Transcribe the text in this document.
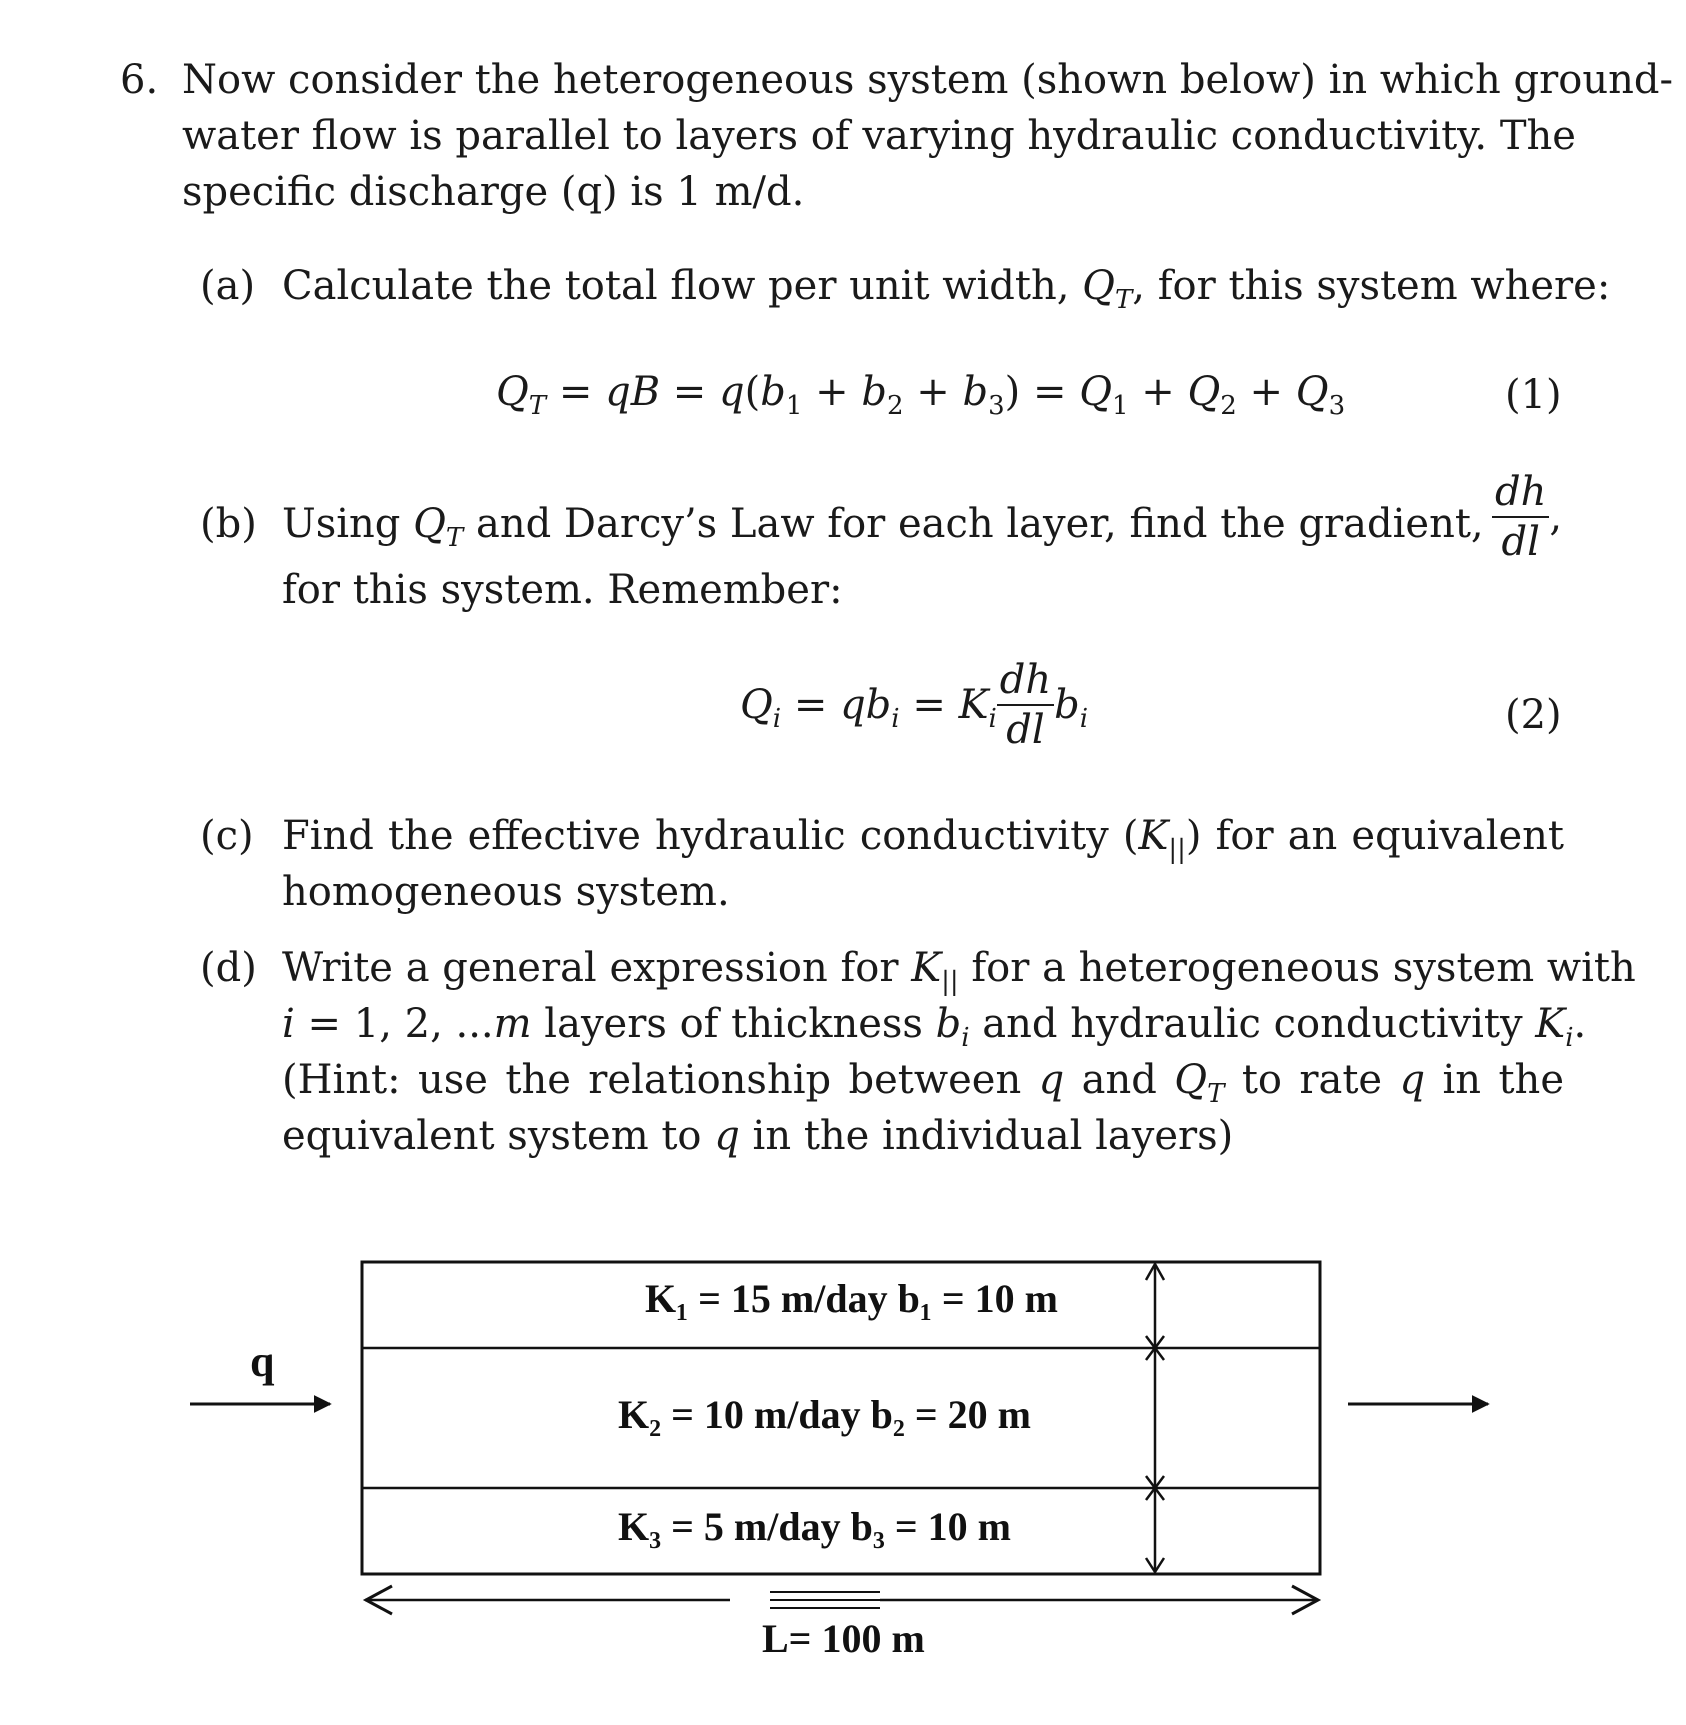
6. Now consider the heterogeneous system (shown below) in which ground-
water flow is parallel to layers of varying hydraulic conductivity. The
specific discharge (q) is 1 m/d.
(a) Calculate the total flow per unit width, $Q_T$, for this system where:
$Q_T$ = qB = $q(b_1 + b_2 + b_3) = Q_1 + Q_2 + Q_3$	(1)
(b) Using $Q_T$ and Darcy’s Law for each layer, find the gradient, $\frac{dh}{dl}$ ,
for this system. Remember:
$Q_i = qb_i = K_i \frac{dh}{dl} b_i$	(2)
(c) Find the effective hydraulic conductivity $(K_{||})$ for an equivalent
homogeneous system.
(d) Write a general expression for $K_{||}$ for a heterogeneous system with
i = 1, 2, ...m layers of thickness $b_i$ and hydraulic conductivity $K_i$.
(Hint: use the relationship between q and $Q_T$ to rate q in the
equivalent system to q in the individual layers)
K₁ = 15 m/day b₁ = 10 m
K₂ = 10 m/day b₂ = 20 m
K₃ = 5 m/day b₃ = 10 m
q
L= 100 m
